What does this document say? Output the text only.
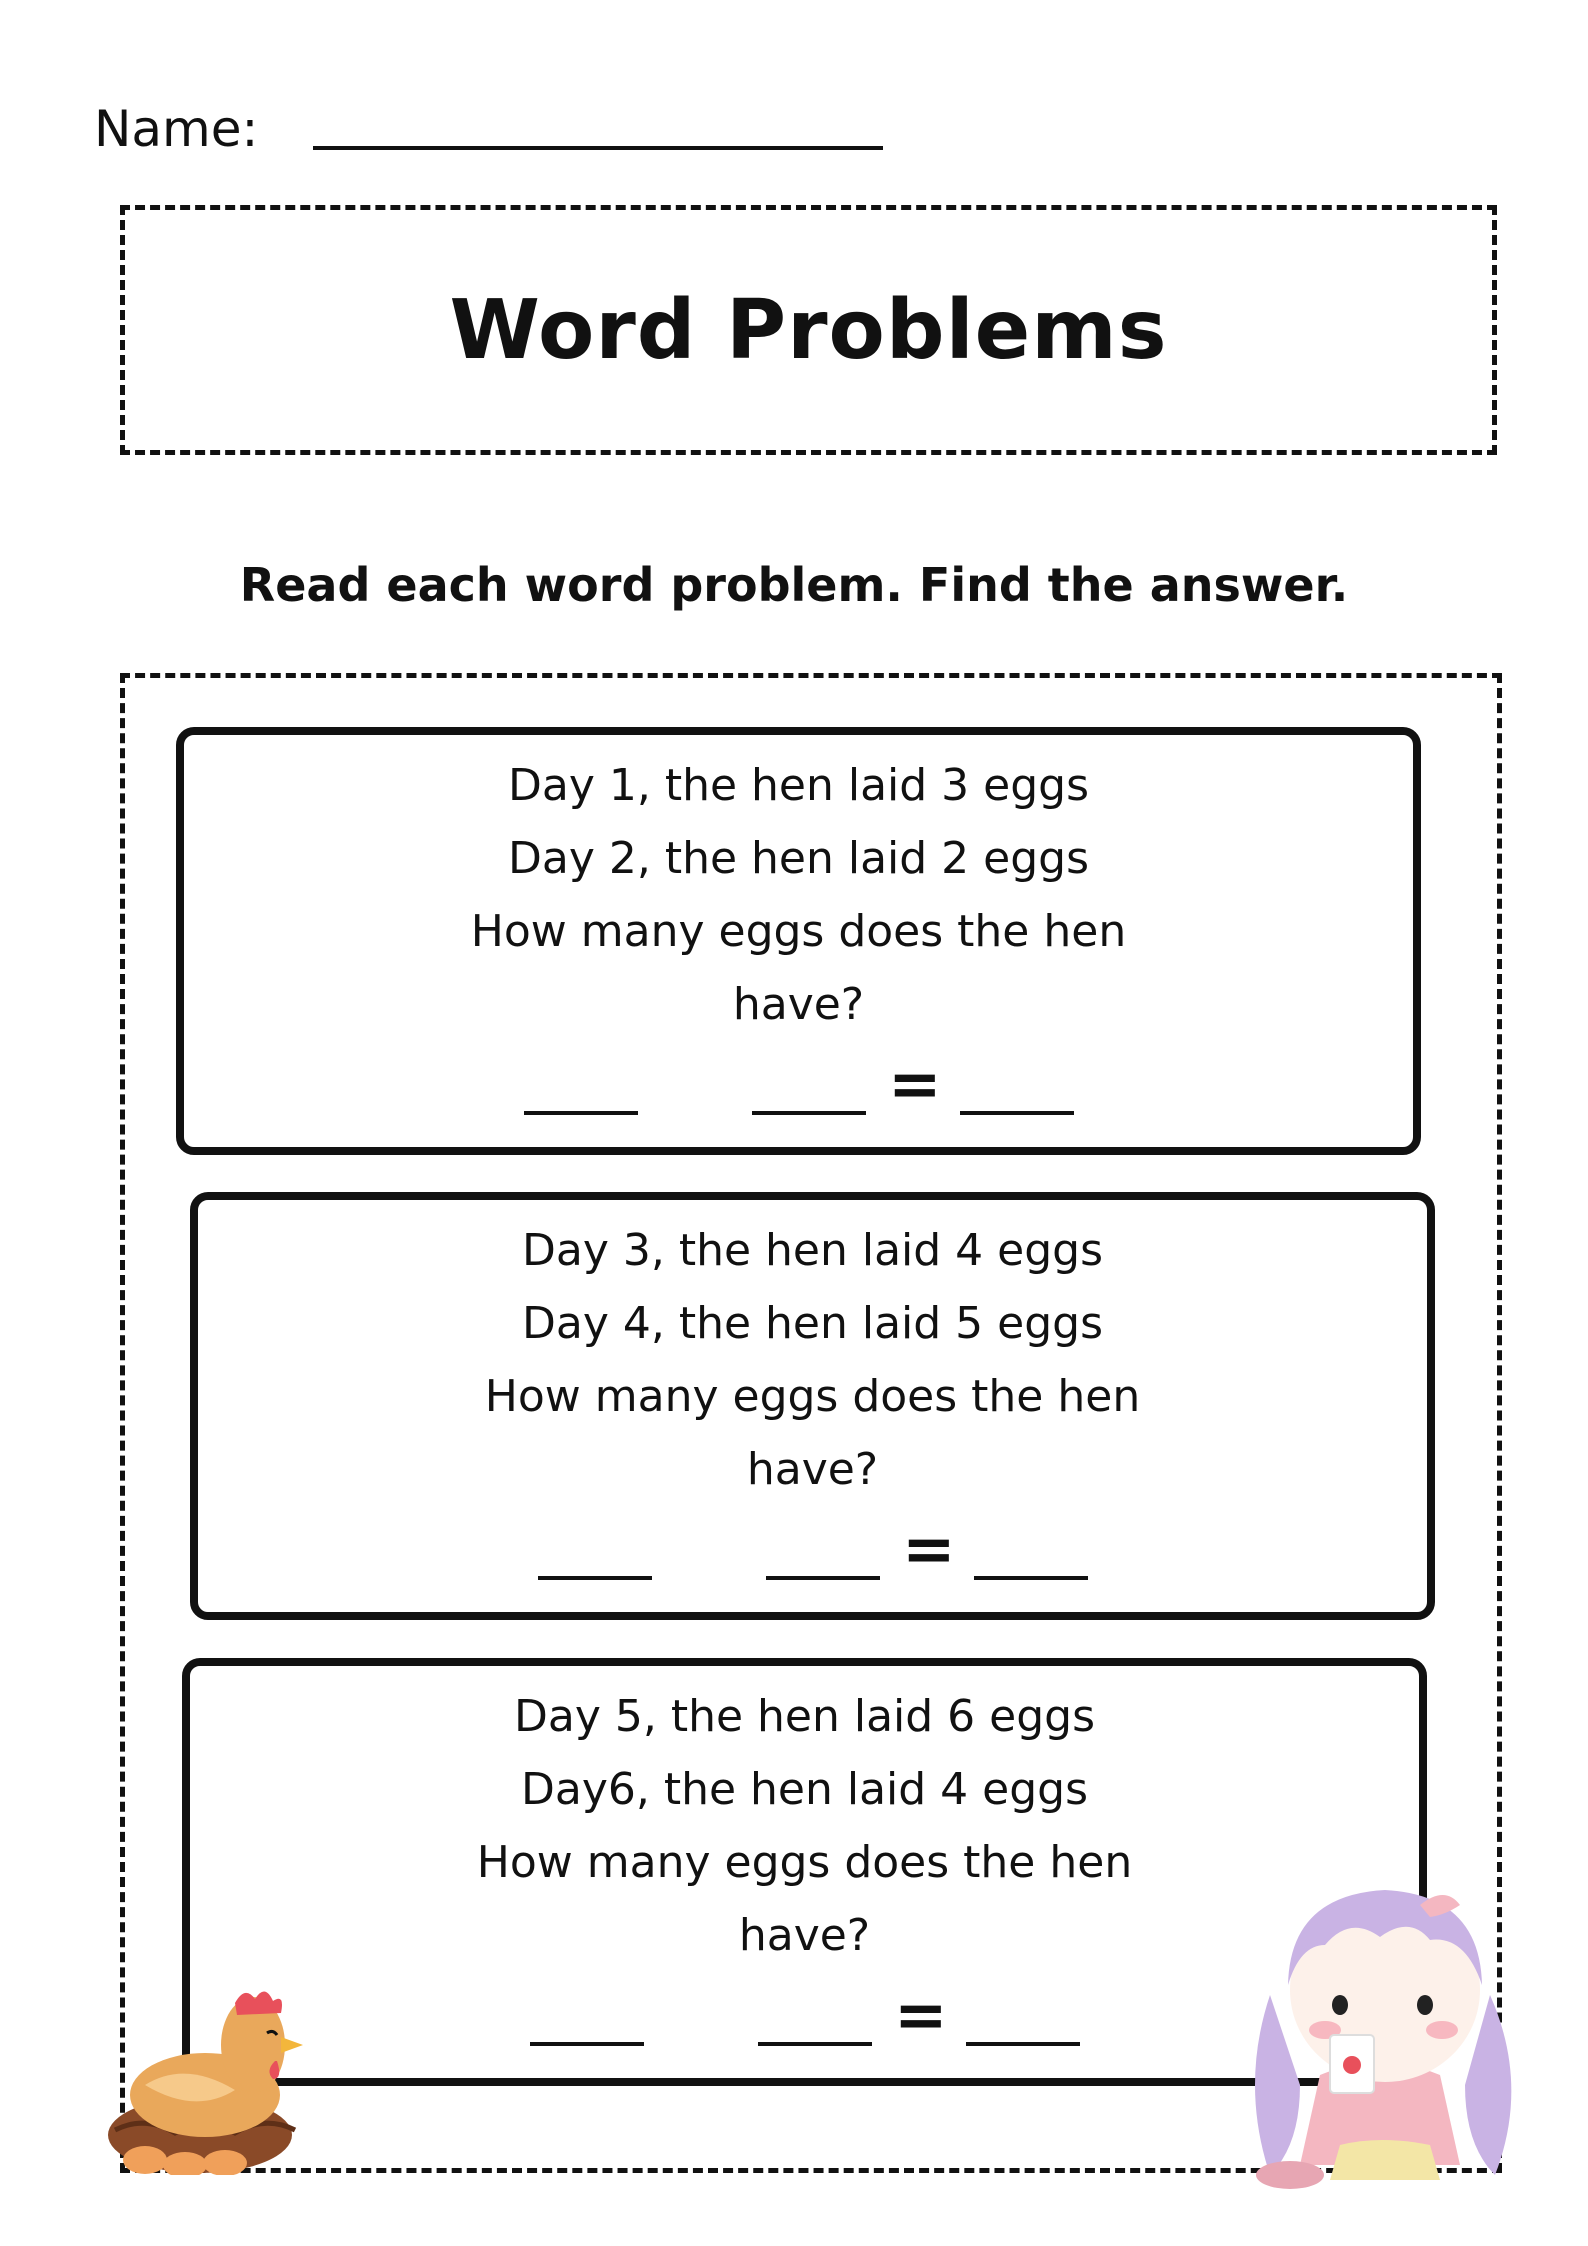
Name:
Word Problems
Read each word problem. Find the answer.
Day 1, the hen laid 3 eggs
Day 2, the hen laid 2 eggs
How many eggs does the hen
have?
=
Day 3, the hen laid 4 eggs
Day 4, the hen laid 5 eggs
How many eggs does the hen
have?
=
Day 5, the hen laid 6 eggs
Day6, the hen laid 4 eggs
How many eggs does the hen
have?
=
